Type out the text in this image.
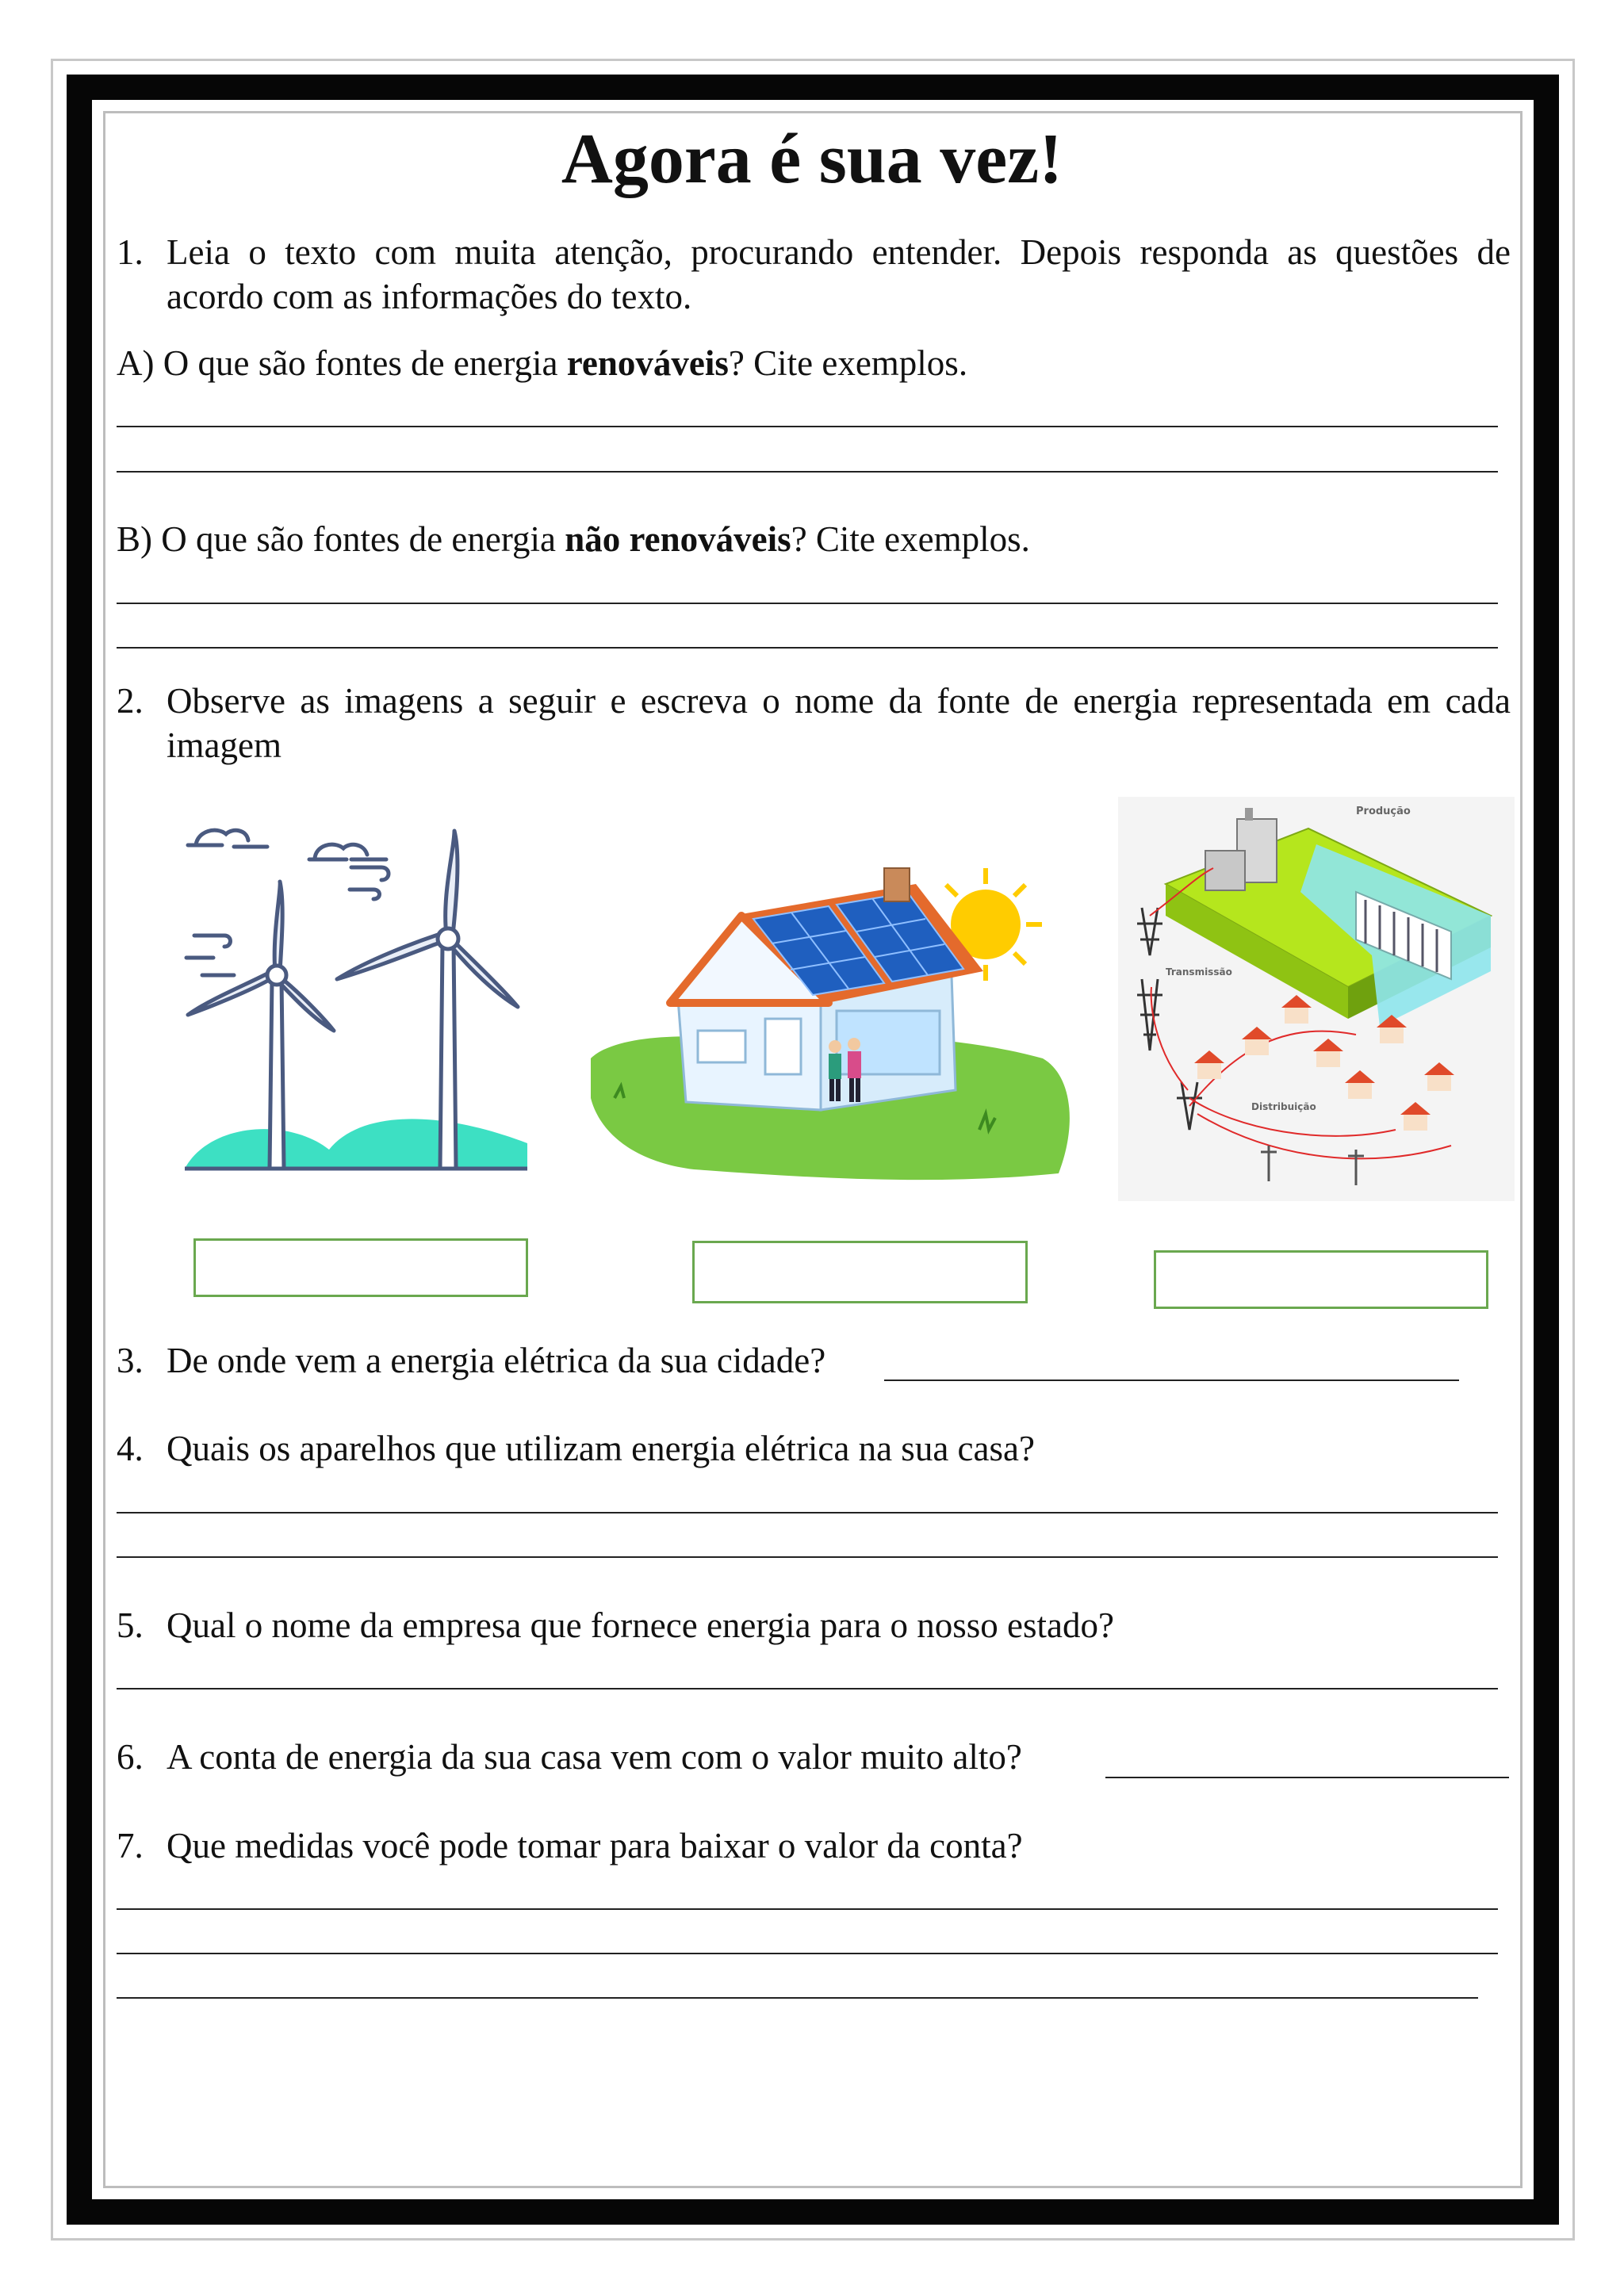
Agora é sua vez!
1. Leia o texto com muita atenção, procurando entender. Depois responda as questões de
acordo com as informações do texto.
A) O que são fontes de energia renováveis? Cite exemplos.
B) O que são fontes de energia não renováveis? Cite exemplos.
2. Observe as imagens a seguir e escreva o nome da fonte de energia representada em cada
imagem
Produção
Transmissão
Distribuição
3. De onde vem a energia elétrica da sua cidade?
4. Quais os aparelhos que utilizam energia elétrica na sua casa?
5. Qual o nome da empresa que fornece energia para o nosso estado?
6. A conta de energia da sua casa vem com o valor muito alto?
7. Que medidas você pode tomar para baixar o valor da conta?
